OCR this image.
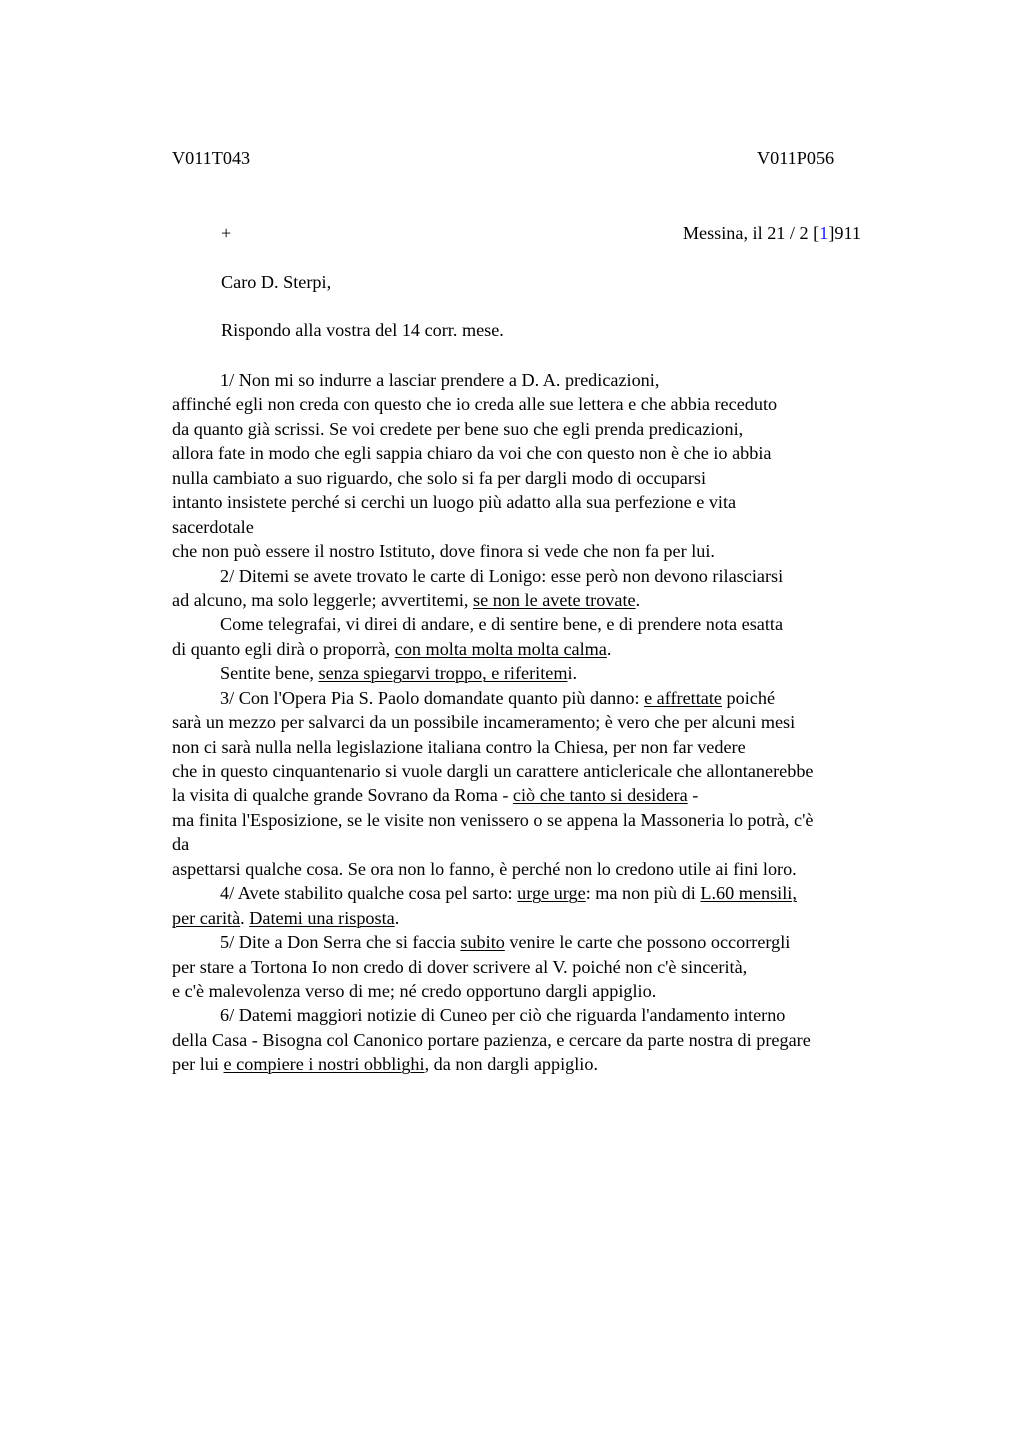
V011T043	V011P056
+	Messina, il 21 / 2 [1]911
Caro D. Sterpi,
Rispondo alla vostra del 14 corr. mese.
1/ Non mi so indurre a lasciar prendere a D. A. predicazioni,
affinché egli non creda con questo che io creda alle sue lettera e che abbia receduto
da quanto già scrissi. Se voi credete per bene suo che egli prenda predicazioni,
allora fate in modo che egli sappia chiaro da voi che con questo non è che io abbia
nulla cambiato a suo riguardo, che solo si fa per dargli modo di occuparsi
intanto insistete perché si cerchi un luogo più adatto alla sua perfezione e vita
sacerdotale
che non può essere il nostro Istituto, dove finora si vede che non fa per lui.
2/ Ditemi se avete trovato le carte di Lonigo: esse però non devono rilasciarsi
ad alcuno, ma solo leggerle; avvertitemi, se non le avete trovate.
Come telegrafai, vi direi di andare, e di sentire bene, e di prendere nota esatta
di quanto egli dirà o proporrà, con molta molta molta calma.
Sentite bene, senza spiegarvi troppo, e riferitemi.
3/ Con l'Opera Pia S. Paolo domandate quanto più danno: e affrettate poiché
sarà un mezzo per salvarci da un possibile incameramento; è vero che per alcuni mesi
non ci sarà nulla nella legislazione italiana contro la Chiesa, per non far vedere
che in questo cinquantenario si vuole dargli un carattere anticlericale che allontanerebbe
la visita di qualche grande Sovrano da Roma - ciò che tanto si desidera -
ma finita l'Esposizione, se le visite non venissero o se appena la Massoneria lo potrà, c'è
da
aspettarsi qualche cosa. Se ora non lo fanno, è perché non lo credono utile ai fini loro.
4/ Avete stabilito qualche cosa pel sarto: urge urge: ma non più di L.60 mensili,
per carità. Datemi una risposta.
5/ Dite a Don Serra che si faccia subito venire le carte che possono occorrergli
per stare a Tortona Io non credo di dover scrivere al V. poiché non c'è sincerità,
e c'è malevolenza verso di me; né credo opportuno dargli appiglio.
6/ Datemi maggiori notizie di Cuneo per ciò che riguarda l'andamento interno
della Casa - Bisogna col Canonico portare pazienza, e cercare da parte nostra di pregare
per lui e compiere i nostri obblighi, da non dargli appiglio.
